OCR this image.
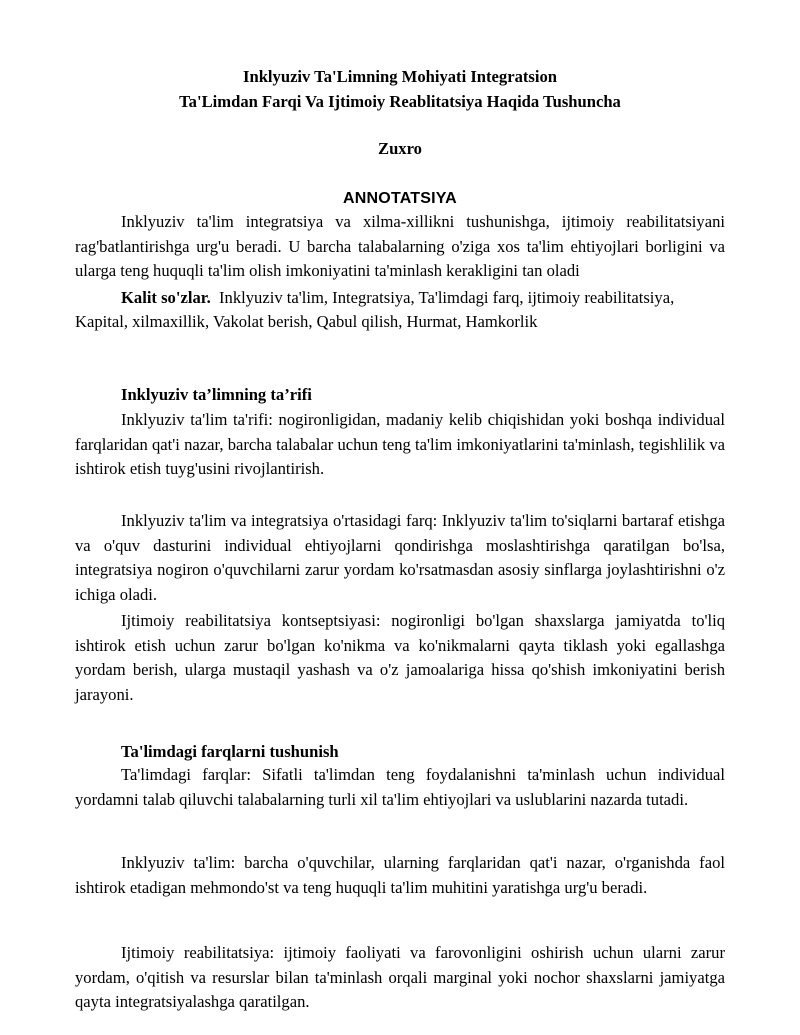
Inklyuziv Ta'Limning Mohiyati Integratsion
Ta'Limdan Farqi Va Ijtimoiy Reablitatsiya Haqida Tushuncha
Zuxro
ANNOTATSIYA

Inklyuziv ta'lim integratsiya va xilma-xillikni tushunishga, ijtimoiy reabilitatsiyani rag'batlantirishga urg'u beradi. U barcha talabalarning o'ziga xos ta'lim ehtiyojlari borligini va ularga teng huquqli ta'lim olish imkoniyatini ta'minlash kerakligini tan oladi

Kalit so'zlar. Inklyuziv ta'lim, Integratsiya, Ta'limdagi farq, ijtimoiy reabilitatsiya, Kapital, xilmaxillik, Vakolat berish, Qabul qilish, Hurmat, Hamkorlik

Inklyuziv ta’limning ta’rifi

Inklyuziv ta'lim ta'rifi: nogironligidan, madaniy kelib chiqishidan yoki boshqa individual farqlaridan qat'i nazar, barcha talabalar uchun teng ta'lim imkoniyatlarini ta'minlash, tegishlilik va ishtirok etish tuyg'usini rivojlantirish.

Inklyuziv ta'lim va integratsiya o'rtasidagi farq: Inklyuziv ta'lim to'siqlarni bartaraf etishga va o'quv dasturini individual ehtiyojlarni qondirishga moslashtirishga qaratilgan bo'lsa, integratsiya nogiron o'quvchilarni zarur yordam ko'rsatmasdan asosiy sinflarga joylashtirishni o'z ichiga oladi.

Ijtimoiy reabilitatsiya kontseptsiyasi: nogironligi bo'lgan shaxslarga jamiyatda to'liq ishtirok etish uchun zarur bo'lgan ko'nikma va ko'nikmalarni qayta tiklash yoki egallashga yordam berish, ularga mustaqil yashash va o'z jamoalariga hissa qo'shish imkoniyatini berish jarayoni.

Ta'limdagi farqlarni tushunish

Ta'limdagi farqlar: Sifatli ta'limdan teng foydalanishni ta'minlash uchun individual yordamni talab qiluvchi talabalarning turli xil ta'lim ehtiyojlari va uslublarini nazarda tutadi.

Inklyuziv ta'lim: barcha o'quvchilar, ularning farqlaridan qat'i nazar, o'rganishda faol ishtirok etadigan mehmondo'st va teng huquqli ta'lim muhitini yaratishga urg'u beradi.

Ijtimoiy reabilitatsiya: ijtimoiy faoliyati va farovonligini oshirish uchun ularni zarur yordam, o'qitish va resurslar bilan ta'minlash orqali marginal yoki nochor shaxslarni jamiyatga qayta integratsiyalashga qaratilgan.
